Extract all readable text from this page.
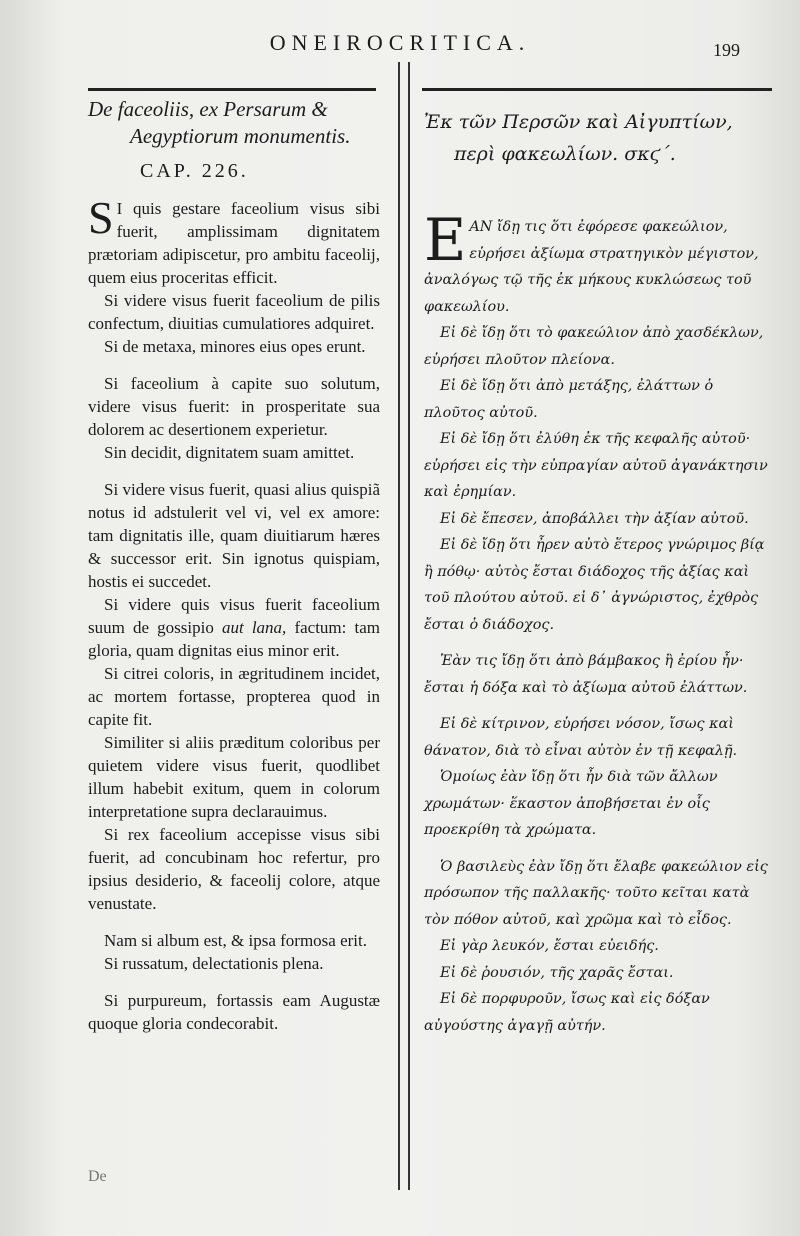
ONEIROCRITICA.	199
De faceoliis, ex Persarum &
Aegyptiorum monumentis.
CAP. 226.

SI quis gestare faceolium visus sibi fuerit, amplissimam dignitatem prætoriam adipiscetur, pro ambitu faceolij, quem eius proceritas efficit.

Si videre visus fuerit faceolium de pilis confectum, diuitias cumulatiores adquiret.

Si de metaxa, minores eius opes erunt.

Si faceolium à capite suo solutum, videre visus fuerit: in prosperitate sua dolorem ac desertionem experietur.

Sin decidit, dignitatem suam amittet.

Si videre visus fuerit, quasi alius quispiã notus id adstulerit vel vi, vel ex amore: tam dignitatis ille, quam diuitiarum hæres & successor erit. Sin ignotus quispiam, hostis ei succedet.

Si videre quis visus fuerit faceolium suum de gossipio aut lana, factum: tam gloria, quam dignitas eius minor erit.

Si citrei coloris, in ægritudinem incidet, ac mortem fortasse, propterea quod in capite fit.

Similiter si aliis præditum coloribus per quietem videre visus fuerit, quodlibet illum habebit exitum, quem in colorum interpretatione supra declarauimus.

Si rex faceolium accepisse visus sibi fuerit, ad concubinam hoc refertur, pro ipsius desiderio, & faceolij colore, atque venustate.

Nam si album est, & ipsa formosa erit.

Si russatum, delectationis plena.

Si purpureum, fortassis eam Augustæ quoque gloria condecorabit.

Ἐκ τῶν Περσῶν καὶ Αἰγυπτίων,
περὶ φακεωλίων. σκϛ´.

ΕΑΝ ἴδῃ τις ὅτι ἐφόρεσε φακεώλιον, εὑρήσει ἀξίωμα στρατηγικὸν μέγιστον, ἀναλόγως τῷ τῆς ἐκ μήκους κυκλώσεως τοῦ φακεωλίου.

Εἰ δὲ ἴδῃ ὅτι τὸ φακεώλιον ἀπὸ χασδέκλων, εὑρήσει πλοῦτον πλείονα.

Εἰ δὲ ἴδῃ ὅτι ἀπὸ μετάξης, ἐλάττων ὁ πλοῦτος αὐτοῦ.

Εἰ δὲ ἴδῃ ὅτι ἐλύθη ἐκ τῆς κεφαλῆς αὐτοῦ· εὑρήσει εἰς τὴν εὐπραγίαν αὐτοῦ ἀγανάκτησιν καὶ ἐρημίαν.

Εἰ δὲ ἔπεσεν, ἀποβάλλει τὴν ἀξίαν αὐτοῦ.

Εἰ δὲ ἴδῃ ὅτι ἦρεν αὐτὸ ἕτερος γνώριμος βίᾳ ἢ πόθῳ· αὐτὸς ἔσται διάδοχος τῆς ἀξίας καὶ τοῦ πλούτου αὐτοῦ. εἰ δ᾽ ἀγνώριστος, ἐχθρὸς ἔσται ὁ διάδοχος.

Ἐὰν τις ἴδῃ ὅτι ἀπὸ βάμβακος ἢ ἐρίου ἦν· ἔσται ἡ δόξα καὶ τὸ ἀξίωμα αὐτοῦ ἐλάττων.

Εἰ δὲ κίτρινον, εὑρήσει νόσον, ἴσως καὶ θάνατον, διὰ τὸ εἶναι αὐτὸν ἐν τῇ κεφαλῇ.

Ὁμοίως ἐὰν ἴδῃ ὅτι ἦν διὰ τῶν ἄλλων χρωμάτων· ἕκαστον ἀποβήσεται ἐν οἷς προεκρίθη τὰ χρώματα.

Ὁ βασιλεὺς ἐὰν ἴδῃ ὅτι ἔλαβε φακεώλιον εἰς πρόσωπον τῆς παλλακῆς· τοῦτο κεῖται κατὰ τὸν πόθον αὐτοῦ, καὶ χρῶμα καὶ τὸ εἶδος.

Εἰ γὰρ λευκόν, ἔσται εὐειδής.

Εἰ δὲ ῥουσιόν, τῆς χαρᾶς ἔσται.

Εἰ δὲ πορφυροῦν, ἴσως καὶ εἰς δόξαν αὐγούστης ἀγαγῇ αὐτήν.

De
